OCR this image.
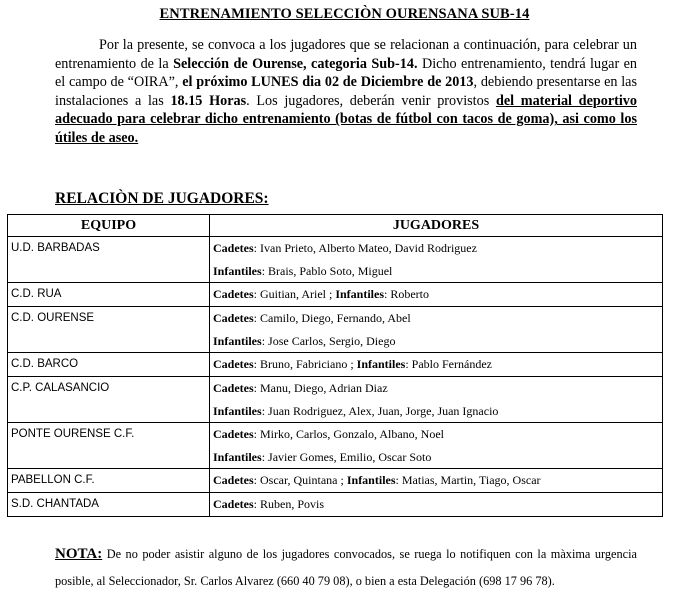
ENTRENAMIENTO SELECCIÒN OURENSANA SUB-14
Por la presente, se convoca a los jugadores que se relacionan a continuación, para celebrar un entrenamiento de la Selección de Ourense, categoria Sub-14. Dicho entrenamiento, tendrá lugar en el campo de “OIRA”, el próximo LUNES dia 02 de Diciembre de 2013, debiendo presentarse en las instalaciones a las 18.15 Horas. Los jugadores, deberán venir provistos del material deportivo adecuado para celebrar dicho entrenamiento (botas de fútbol con tacos de goma), asi como los útiles de aseo.
RELACIÒN DE JUGADORES:
EQUIPO	JUGADORES

U.D. BARBADAS	Cadetes: Ivan Prieto, Alberto Mateo, David Rodriguez
Infantiles: Brais, Pablo Soto, Miguel

C.D. RUA	Cadetes: Guitian, Ariel ; Infantiles: Roberto

C.D. OURENSE	Cadetes: Camilo, Diego, Fernando, Abel
Infantiles: Jose Carlos, Sergio, Diego

C.D. BARCO	Cadetes: Bruno, Fabriciano ; Infantiles: Pablo Fernández

C.P. CALASANCIO	Cadetes: Manu, Diego, Adrian Diaz
Infantiles: Juan Rodriguez, Alex, Juan, Jorge, Juan Ignacio

PONTE OURENSE C.F.	Cadetes: Mirko, Carlos, Gonzalo, Albano, Noel
Infantiles: Javier Gomes, Emilio, Oscar Soto

PABELLON C.F.	Cadetes: Oscar, Quintana ; Infantiles: Matias, Martin, Tiago, Oscar

S.D. CHANTADA	Cadetes: Ruben, Povis
NOTA: De no poder asistir alguno de los jugadores convocados, se ruega lo notifiquen con la màxima urgencia posible, al Seleccionador, Sr. Carlos Alvarez (660 40 79 08), o bien a esta Delegación (698 17 96 78).
